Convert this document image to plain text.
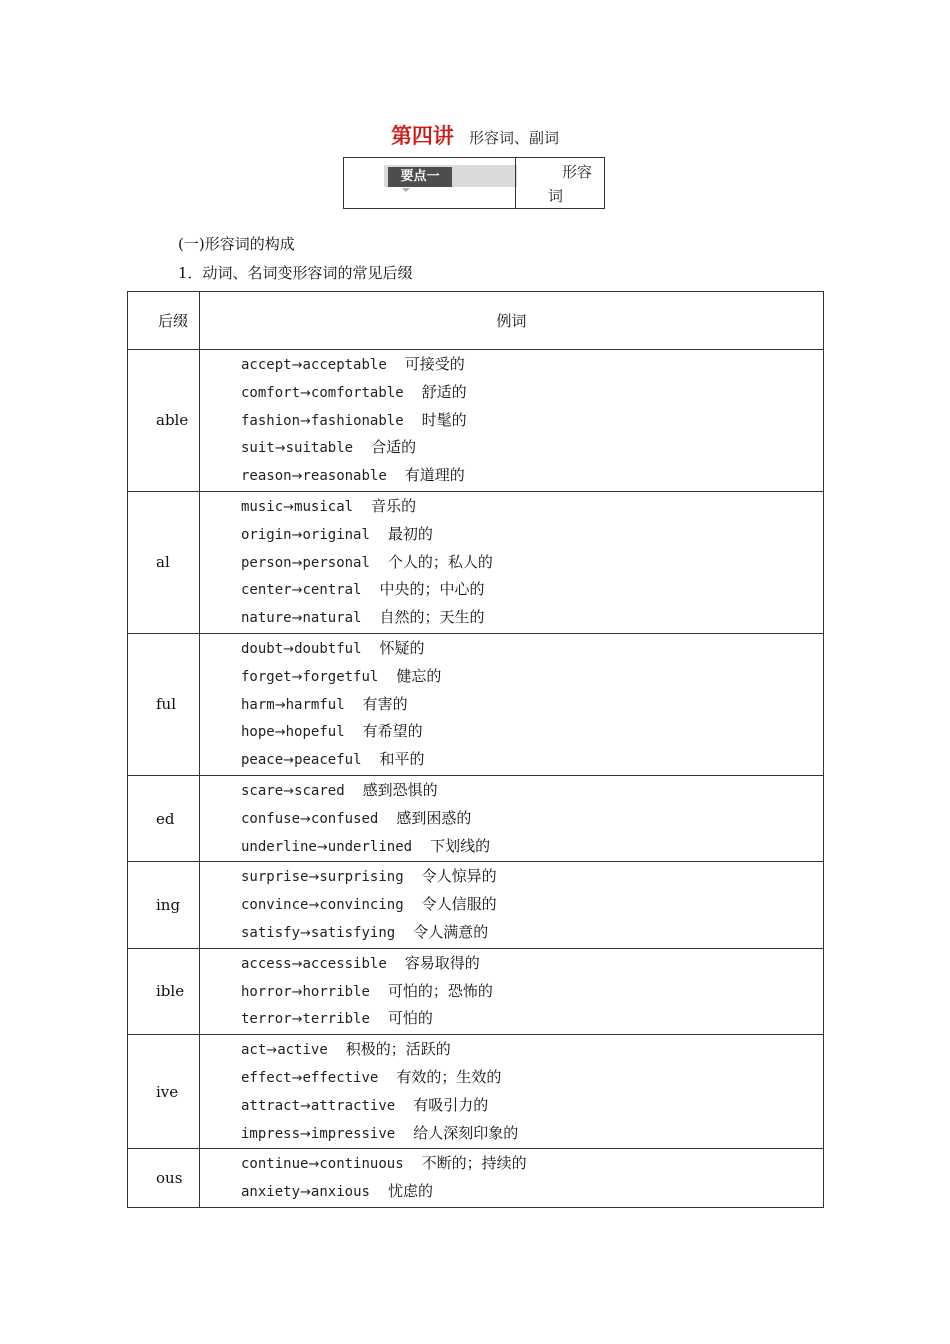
第四讲 形容词、副词
要点一	形容词
(一)形容词的构成
1．动词、名词变形容词的常见后缀
后缀	例词
able	accept→acceptable 可接受的
comfort→comfortable 舒适的
fashion→fashionable 时髦的
suit→suitable 合适的
reason→reasonable 有道理的

al	music→musical 音乐的
origin→original 最初的
person→personal 个人的；私人的
center→central 中央的；中心的
nature→natural 自然的；天生的

ful	doubt→doubtful 怀疑的
forget→forgetful 健忘的
harm→harmful 有害的
hope→hopeful 有希望的
peace→peaceful 和平的

ed	scare→scared 感到恐惧的
confuse→confused 感到困惑的
underline→underlined 下划线的

ing	surprise→surprising 令人惊异的
convince→convincing 令人信服的
satisfy→satisfying 令人满意的

ible	access→accessible 容易取得的
horror→horrible 可怕的；恐怖的
terror→terrible 可怕的

ive	act→active 积极的；活跃的
effect→effective 有效的；生效的
attract→attractive 有吸引力的
impress→impressive 给人深刻印象的

ous	continue→continuous 不断的；持续的
anxiety→anxious 忧虑的
